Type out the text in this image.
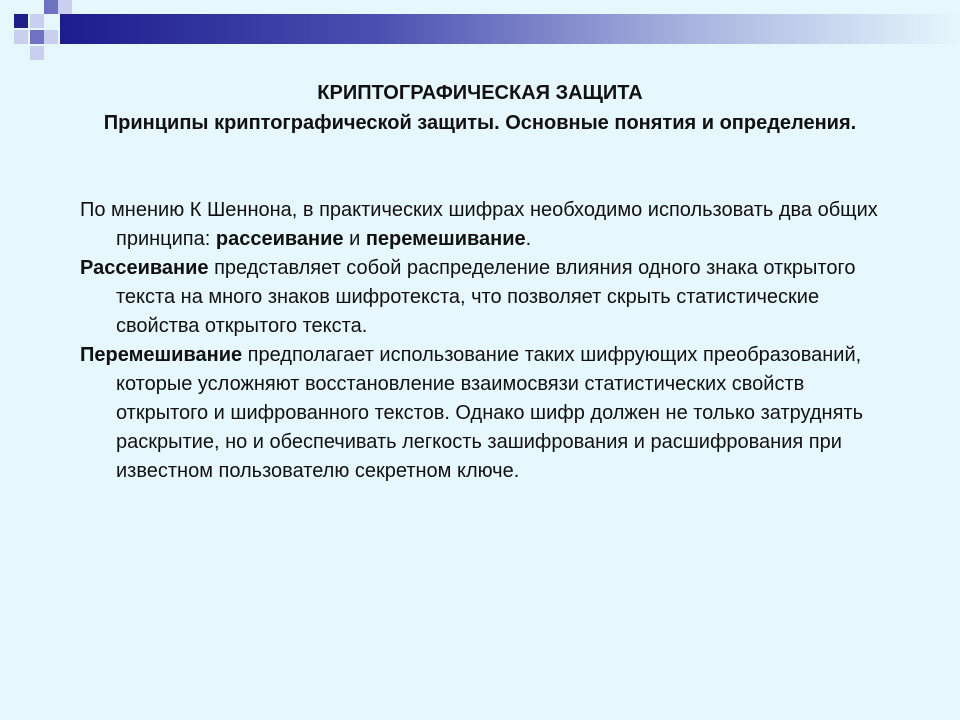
КРИПТОГРАФИЧЕСКАЯ ЗАЩИТА
Принципы криптографической защиты. Основные понятия и определения.

По мнению К Шеннона, в практических шифрах необходимо использовать два общих принципа: рассеивание и перемешивание.

Рассеивание представляет собой распределение влияния одного знака открытого текста на много знаков шифротекста, что позволяет скрыть статистические свойства открытого текста.

Перемешивание предполагает использование таких шифрующих преобразований, которые усложняют восстановление взаимосвязи статистических свойств открытого и шифрованного текстов. Однако шифр должен не только затруднять раскрытие, но и обеспечивать легкость зашифрования и расшифрования при известном пользователю секретном ключе.
